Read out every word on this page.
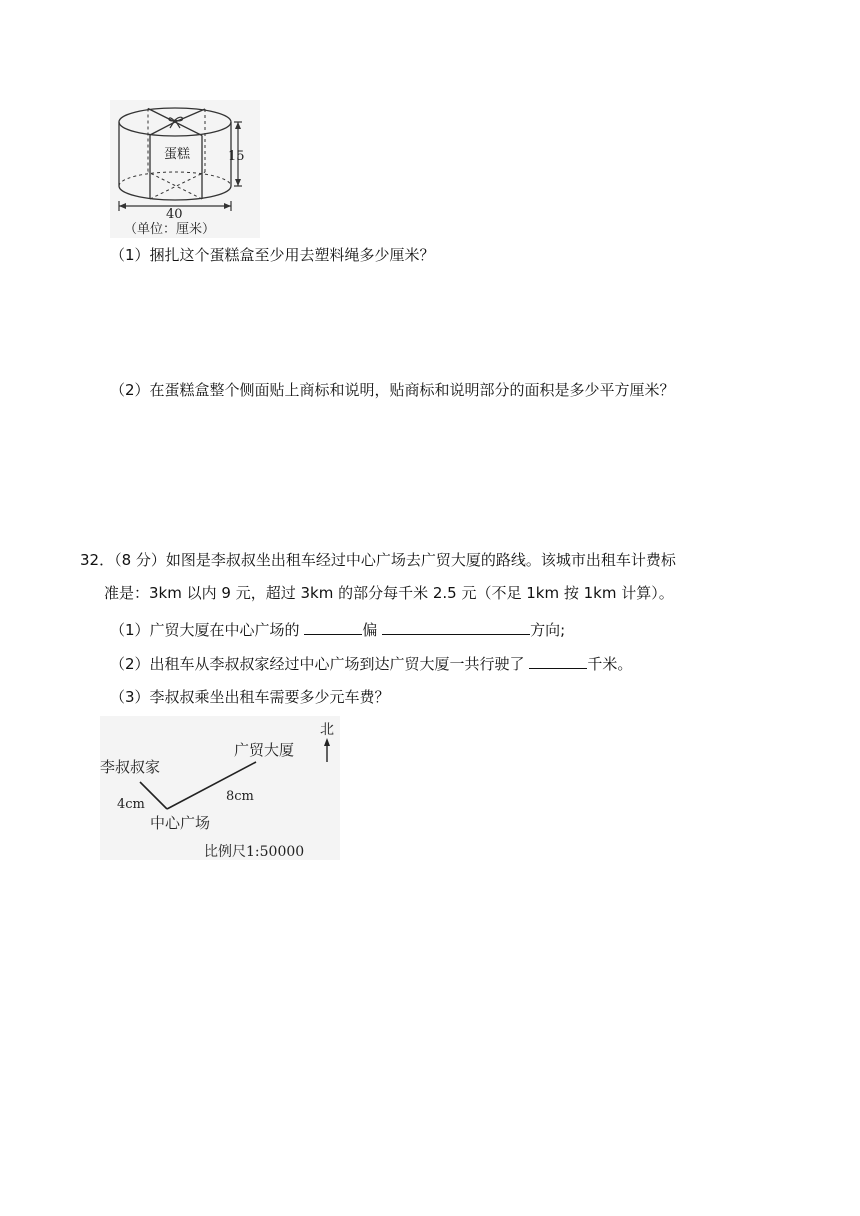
蛋糕	15
40
（单位：厘米）
（1）捆扎这个蛋糕盒至少用去塑料绳多少厘米？
（2）在蛋糕盒整个侧面贴上商标和说明，贴商标和说明部分的面积是多少平方厘米？
32．（8 分）如图是李叔叔坐出租车经过中心广场去广贸大厦的路线。该城市出租车计费标
准是：3km 以内 9 元，超过 3km 的部分每千米 2.5 元（不足 1km 按 1km 计算）。
（1）广贸大厦在中心广场的	偏	方向;
（2）出租车从李叔叔家经过中心广场到达广贸大厦一共行驶了	千米。
（3）李叔叔乘坐出租车需要多少元车费？
北
李叔叔家
广贸大厦
4cm
8cm
中心广场
比例尺1:50000
